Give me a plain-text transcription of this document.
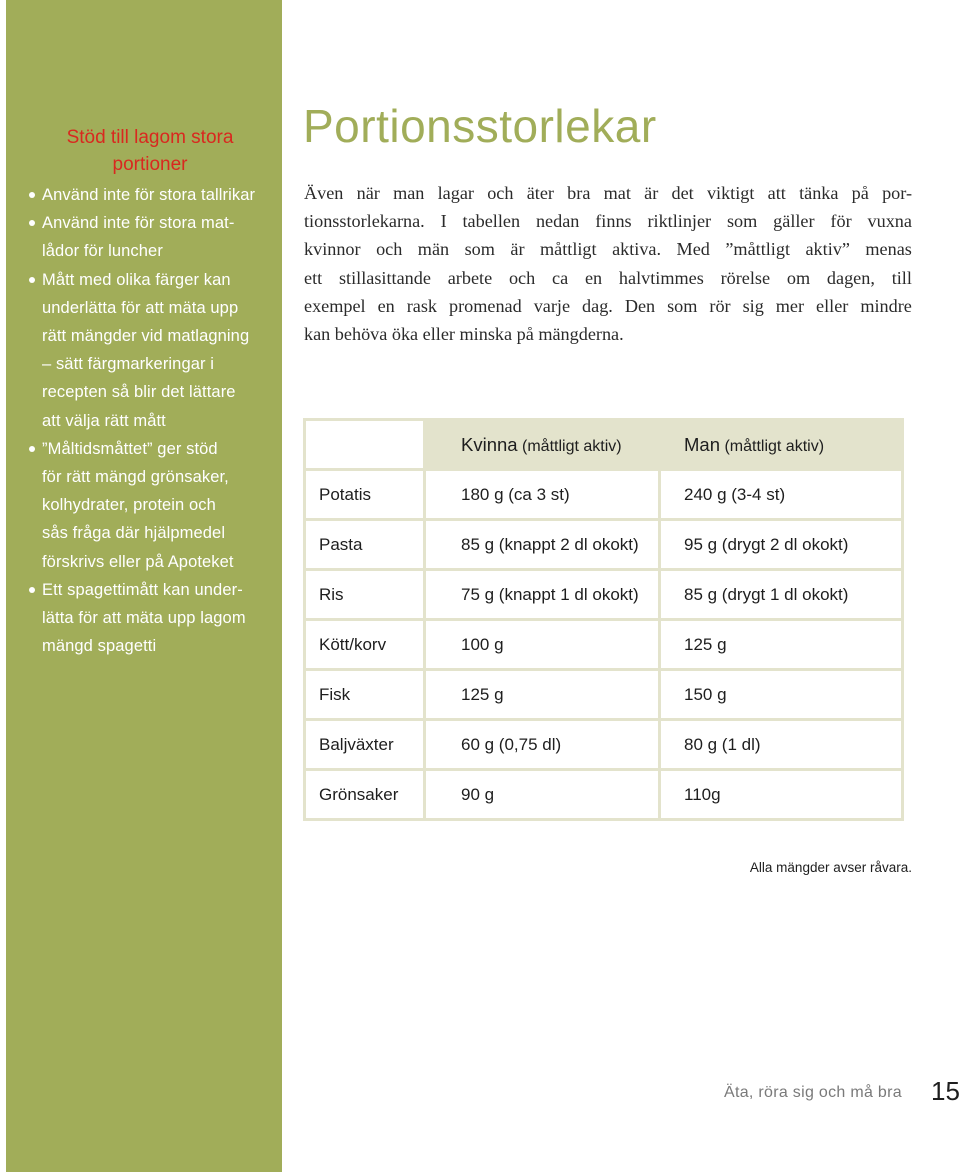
Stöd till lagom stora
portioner
Använd inte för stora tallrikar
Använd inte för stora mat-
lådor för luncher
Mått med olika färger kan
underlätta för att mäta upp
rätt mängder vid matlagning
– sätt färgmarkeringar i
recepten så blir det lättare
att välja rätt mått
”Måltidsmåttet” ger stöd
för rätt mängd grönsaker,
kolhydrater, protein och
sås fråga där hjälpmedel
förskrivs eller på Apoteket
Ett spagettimått kan under-
lätta för att mäta upp lagom
mängd spagetti
Portionsstorlekar
Även när man lagar och äter bra mat är det viktigt att tänka på por-
tionsstorlekarna. I tabellen nedan finns riktlinjer som gäller för vuxna
kvinnor och män som är måttligt aktiva. Med ”måttligt aktiv” menas
ett stillasittande arbete och ca en halvtimmes rörelse om dagen, till
exempel en rask promenad varje dag. Den som rör sig mer eller mindre
kan behöva öka eller minska på mängderna.
	Kvinna (måttligt aktiv)	Man (måttligt aktiv)
Potatis	180 g (ca 3 st)	240 g (3-4 st)
Pasta	85 g (knappt 2 dl okokt)	95 g (drygt 2 dl okokt)
Ris	75 g (knappt 1 dl okokt)	85 g (drygt 1 dl okokt)
Kött/korv	100 g	125 g
Fisk	125 g	150 g
Baljväxter	60 g (0,75 dl)	80 g (1 dl)
Grönsaker	90 g	110g
Alla mängder avser råvara.
Äta, röra sig och må bra 15
